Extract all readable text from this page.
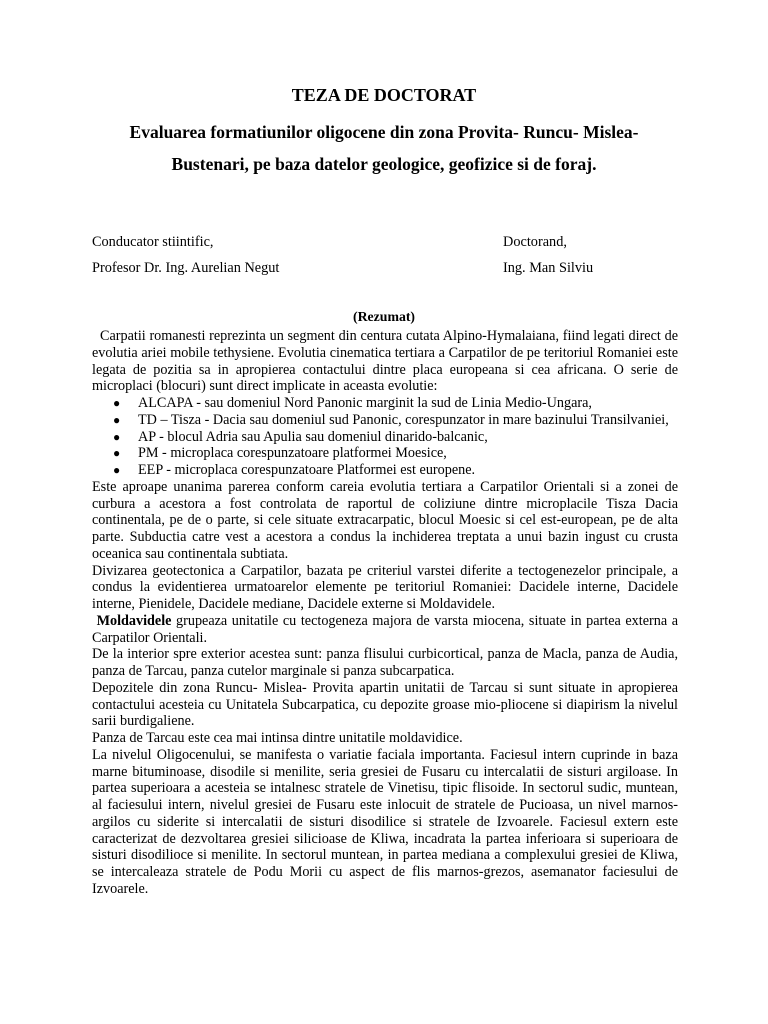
TEZA DE DOCTORAT
Evaluarea formatiunilor oligocene din zona Provita- Runcu- Mislea-
Bustenari, pe baza datelor geologice, geofizice si de foraj.
Conducator stiintific,
Profesor Dr. Ing. Aurelian Negut
Doctorand,
Ing. Man Silviu
(Rezumat)

Carpatii romanesti reprezinta un segment din centura cutata Alpino-Hymalaiana, fiind legati direct de evolutia ariei mobile tethysiene. Evolutia cinematica tertiara a Carpatilor de pe teritoriul Romaniei este legata de pozitia sa in apropierea contactului dintre placa europeana si cea africana. O serie de microplaci (blocuri) sunt direct implicate in aceasta evolutie:

● ALCAPA - sau domeniul Nord Panonic marginit la sud de Linia Medio-Ungara,
● TD – Tisza - Dacia sau domeniul sud Panonic, corespunzator in mare bazinului Transilvaniei,
● AP - blocul Adria sau Apulia sau domeniul dinarido-balcanic,
● PM - microplaca corespunzatoare platformei Moesice,
● EEP - microplaca corespunzatoare Platformei est europene.

Este aproape unanima parerea conform careia evolutia tertiara a Carpatilor Orientali si a zonei de curbura a acestora a fost controlata de raportul de coliziune dintre microplacile Tisza Dacia continentala, pe de o parte, si cele situate extracarpatic, blocul Moesic si cel est-european, pe de alta parte. Subductia catre vest a acestora a condus la inchiderea treptata a unui bazin ingust cu crusta oceanica sau continentala subtiata.

Divizarea geotectonica a Carpatilor, bazata pe criteriul varstei diferite a tectogenezelor principale, a condus la evidentierea urmatoarelor elemente pe teritoriul Romaniei: Dacidele interne, Dacidele interne, Pienidele, Dacidele mediane, Dacidele externe si Moldavidele.

Moldavidele grupeaza unitatile cu tectogeneza majora de varsta miocena, situate in partea externa a Carpatilor Orientali.

De la interior spre exterior acestea sunt: panza flisului curbicortical, panza de Macla, panza de Audia, panza de Tarcau, panza cutelor marginale si panza subcarpatica.

Depozitele din zona Runcu- Mislea- Provita apartin unitatii de Tarcau si sunt situate in apropierea contactului acesteia cu Unitatela Subcarpatica, cu depozite groase mio-pliocene si diapirism la nivelul sarii burdigaliene.

Panza de Tarcau este cea mai intinsa dintre unitatile moldavidice.

La nivelul Oligocenului, se manifesta o variatie faciala importanta. Faciesul intern cuprinde in baza marne bituminoase, disodile si menilite, seria gresiei de Fusaru cu intercalatii de sisturi argiloase. In partea superioara a acesteia se intalnesc stratele de Vinetisu, tipic flisoide. In sectorul sudic, muntean, al faciesului intern, nivelul gresiei de Fusaru este inlocuit de stratele de Pucioasa, un nivel marnos-argilos cu siderite si intercalatii de sisturi disodilice si stratele de Izvoarele. Faciesul extern este caracterizat de dezvoltarea gresiei silicioase de Kliwa, incadrata la partea inferioara si superioara de sisturi disodilioce si menilite. In sectorul muntean, in partea mediana a complexului gresiei de Kliwa, se intercaleaza stratele de Podu Morii cu aspect de flis marnos-grezos, asemanator faciesului de Izvoarele.
